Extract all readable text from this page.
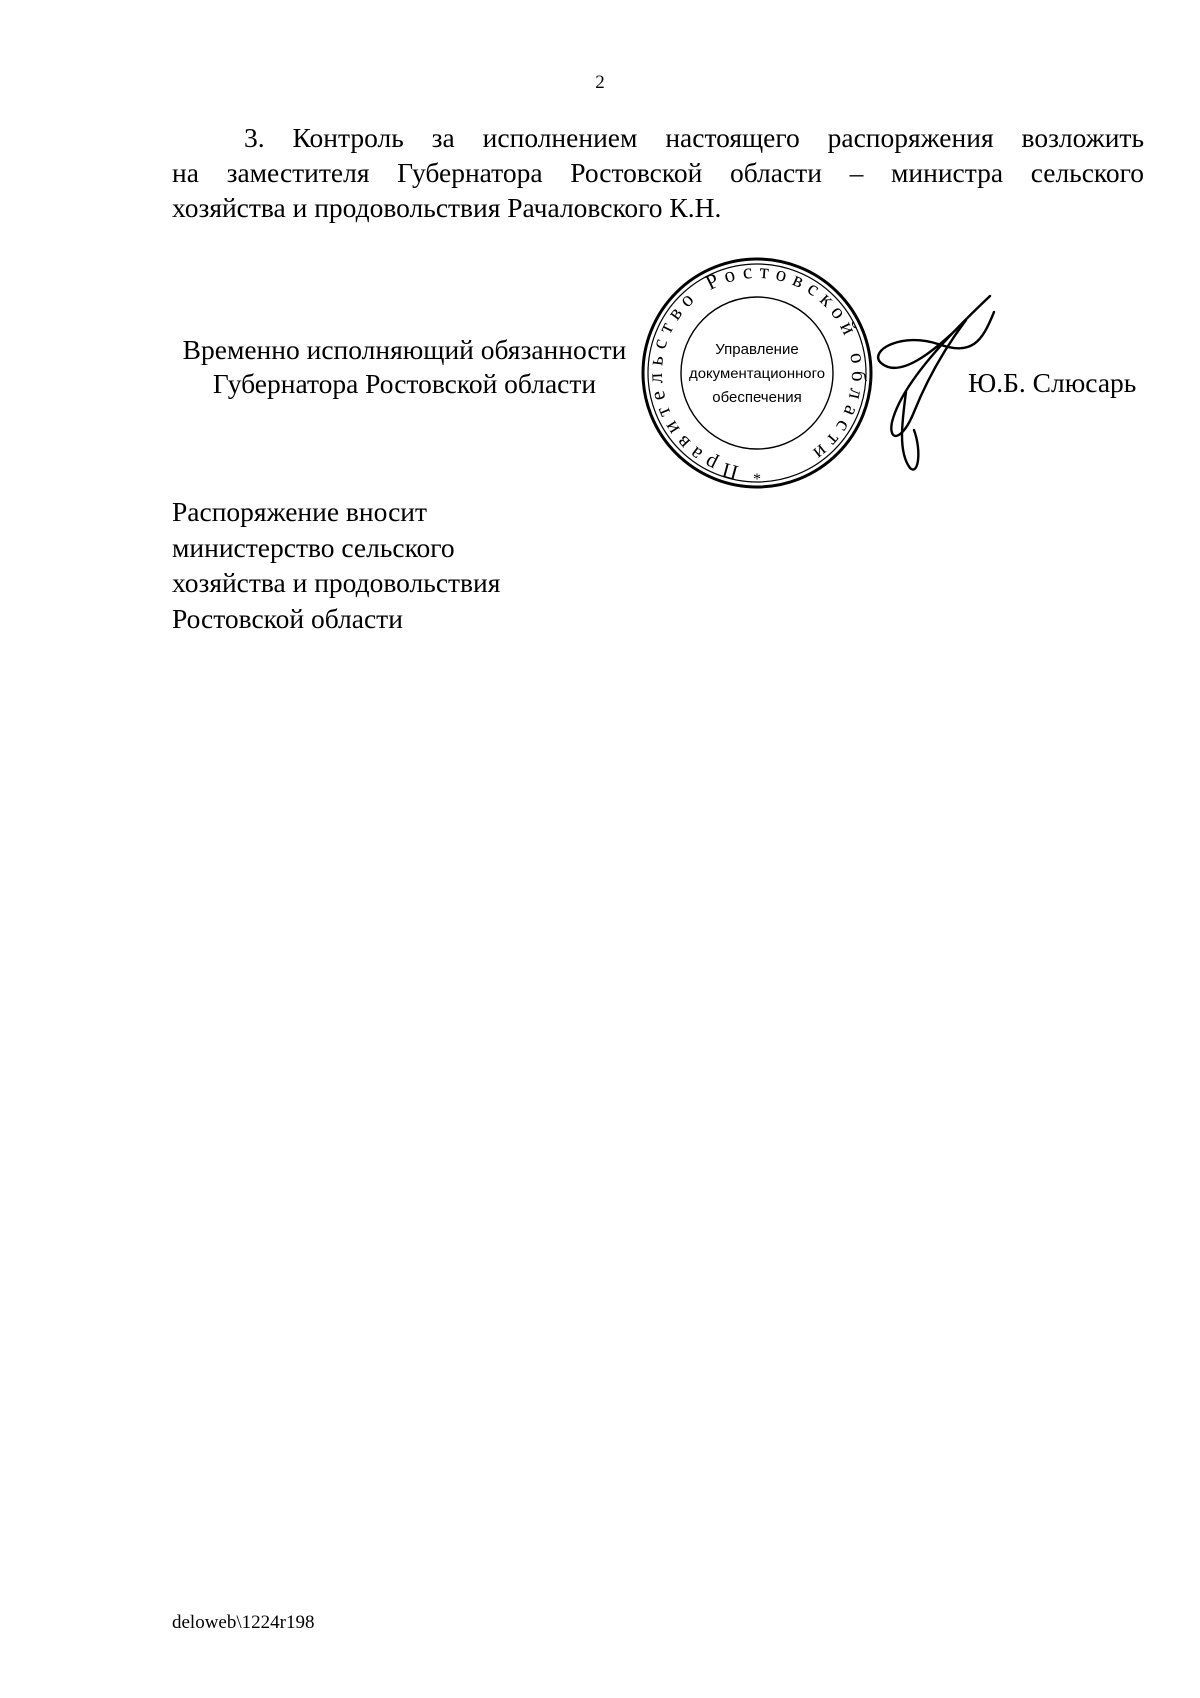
2
3. Контроль за исполнением настоящего распоряжения возложить
на заместителя Губернатора Ростовской области – министра сельского
хозяйства и продовольствия Рачаловского К.Н.
Временно исполняющий обязанности
Губернатора Ростовской области
Правительство Ростовской области
Управление
документационного
обеспечения
*
Ю.Б. Слюсарь
Распоряжение вносит
министерство сельского
хозяйства и продовольствия
Ростовской области
deloweb\1224r198
